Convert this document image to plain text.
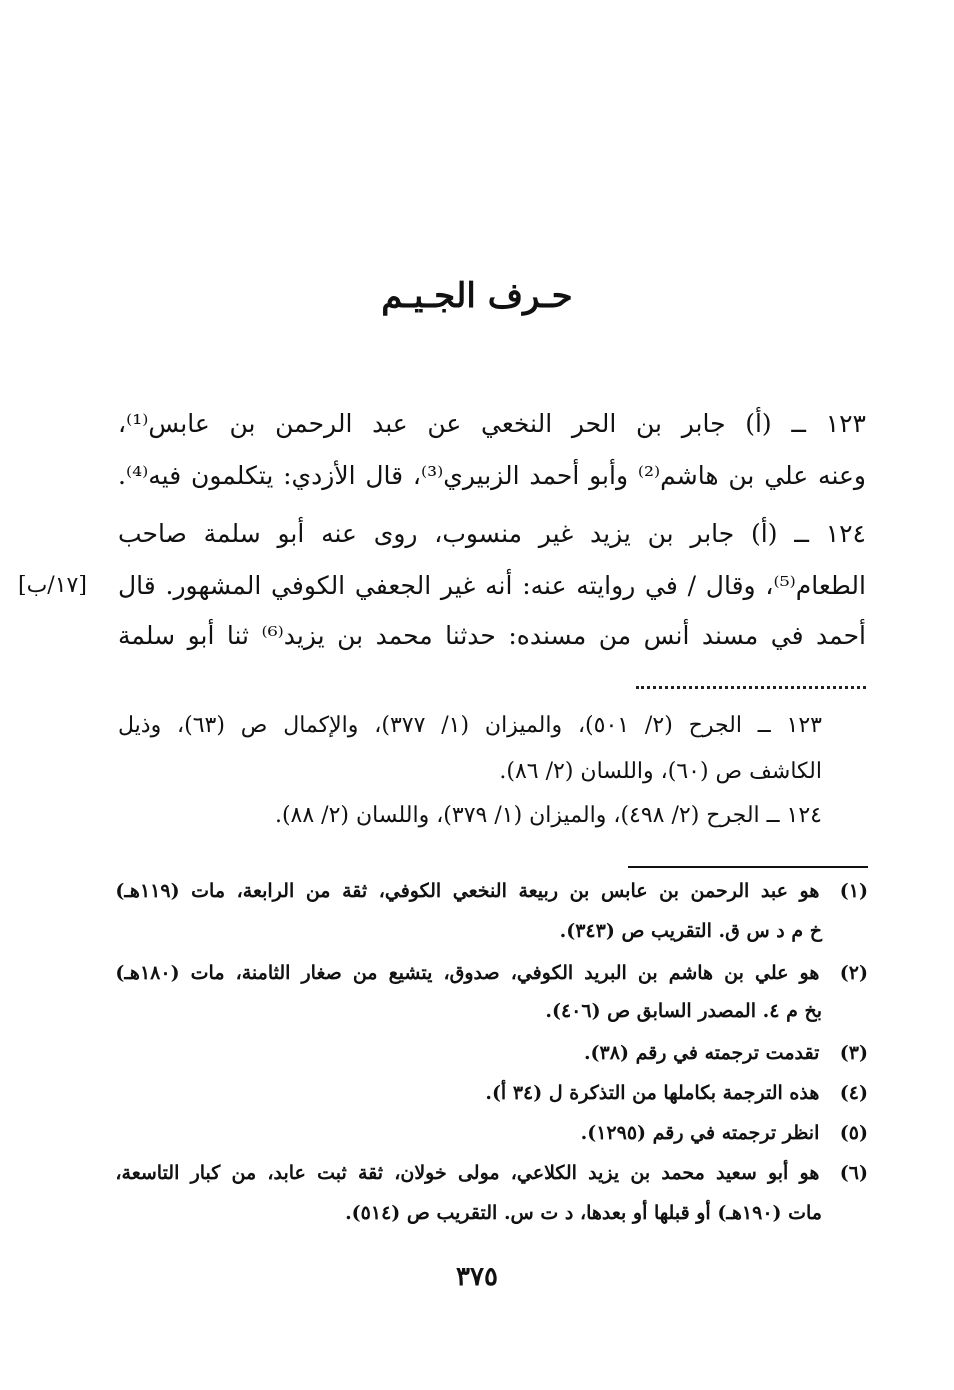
حـرف الجـيـم
١٢٣ ــ (أ) جابر بن الحر النخعي عن عبد الرحمن بن عابس⁽¹⁾،
وعنه علي بن هاشم⁽²⁾ وأبو أحمد الزبيري⁽³⁾، قال الأزدي: يتكلمون فيه⁽⁴⁾.
١٢٤ ــ (أ) جابر بن يزيد غير منسوب، روى عنه أبو سلمة صاحب
الطعام⁽⁵⁾، وقال / في روايته عنه: أنه غير الجعفي الكوفي المشهور. قال
أحمد في مسند أنس من مسنده: حدثنا محمد بن يزيد⁽⁶⁾ ثنا أبو سلمة
[١٧/ب]
١٢٣ ــ الجرح (٢/ ٥٠١)، والميزان (١/ ٣٧٧)، والإكمال ص (٦٣)، وذيل
الكاشف ص (٦٠)، واللسان (٢/ ٨٦).
١٢٤ ــ الجرح (٢/ ٤٩٨)، والميزان (١/ ٣٧٩)، واللسان (٢/ ٨٨).
(١) هو عبد الرحمن بن عابس بن ربيعة النخعي الكوفي، ثقة من الرابعة، مات (١١٩هـ)
خ م د س ق. التقريب ص (٣٤٣).
(٢) هو علي بن هاشم بن البريد الكوفي، صدوق، يتشيع من صغار الثامنة، مات (١٨٠هـ)
بخ م ٤. المصدر السابق ص (٤٠٦).
(٣) تقدمت ترجمته في رقم (٣٨).
(٤) هذه الترجمة بكاملها من التذكرة ل (٣٤ أ).
(٥) انظر ترجمته في رقم (١٢٩٥).
(٦) هو أبو سعيد محمد بن يزيد الكلاعي، مولى خولان، ثقة ثبت عابد، من كبار التاسعة،
مات (١٩٠هـ) أو قبلها أو بعدها، د ت س. التقريب ص (٥١٤).
٣٧٥
